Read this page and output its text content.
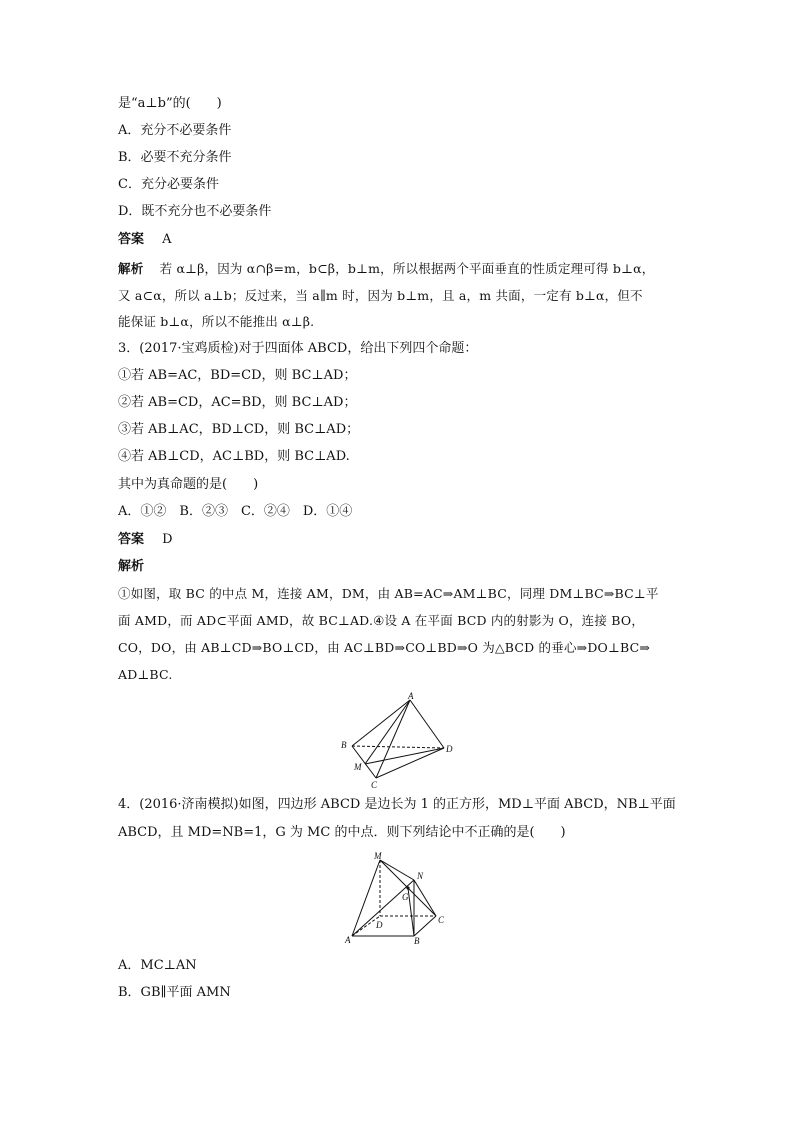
是“a⊥b”的(　　)
A．充分不必要条件
B．必要不充分条件
C．充分必要条件
D．既不充分也不必要条件
答案 A
解析 若 α⊥β，因为 α∩β=m，b⊂β，b⊥m，所以根据两个平面垂直的性质定理可得 b⊥α，
又 a⊂α，所以 a⊥b；反过来，当 a∥m 时，因为 b⊥m，且 a，m 共面，一定有 b⊥α，但不
能保证 b⊥α，所以不能推出 α⊥β.
3．(2017·宝鸡质检)对于四面体 ABCD，给出下列四个命题：
①若 AB=AC，BD=CD，则 BC⊥AD；
②若 AB=CD，AC=BD，则 BC⊥AD；
③若 AB⊥AC，BD⊥CD，则 BC⊥AD；
④若 AB⊥CD，AC⊥BD，则 BC⊥AD.
其中为真命题的是(　　)
A．①②　B．②③　C．②④　D．①④
答案 D
解析
①如图，取 BC 的中点 M，连接 AM，DM，由 AB=AC⇒AM⊥BC，同理 DM⊥BC⇒BC⊥平
面 AMD，而 AD⊂平面 AMD，故 BC⊥AD.④设 A 在平面 BCD 内的射影为 O，连接 BO，
CO，DO，由 AB⊥CD⇒BO⊥CD，由 AC⊥BD⇒CO⊥BD⇒O 为△BCD 的垂心⇒DO⊥BC⇒
AD⊥BC.
A
B	D
M
C
4．(2016·济南模拟)如图，四边形 ABCD 是边长为 1 的正方形，MD⊥平面 ABCD，NB⊥平面
ABCD，且 MD=NB=1，G 为 MC 的中点．则下列结论中不正确的是(　　)
M
N
G
D	C
A	B
A．MC⊥AN
B．GB∥平面 AMN
